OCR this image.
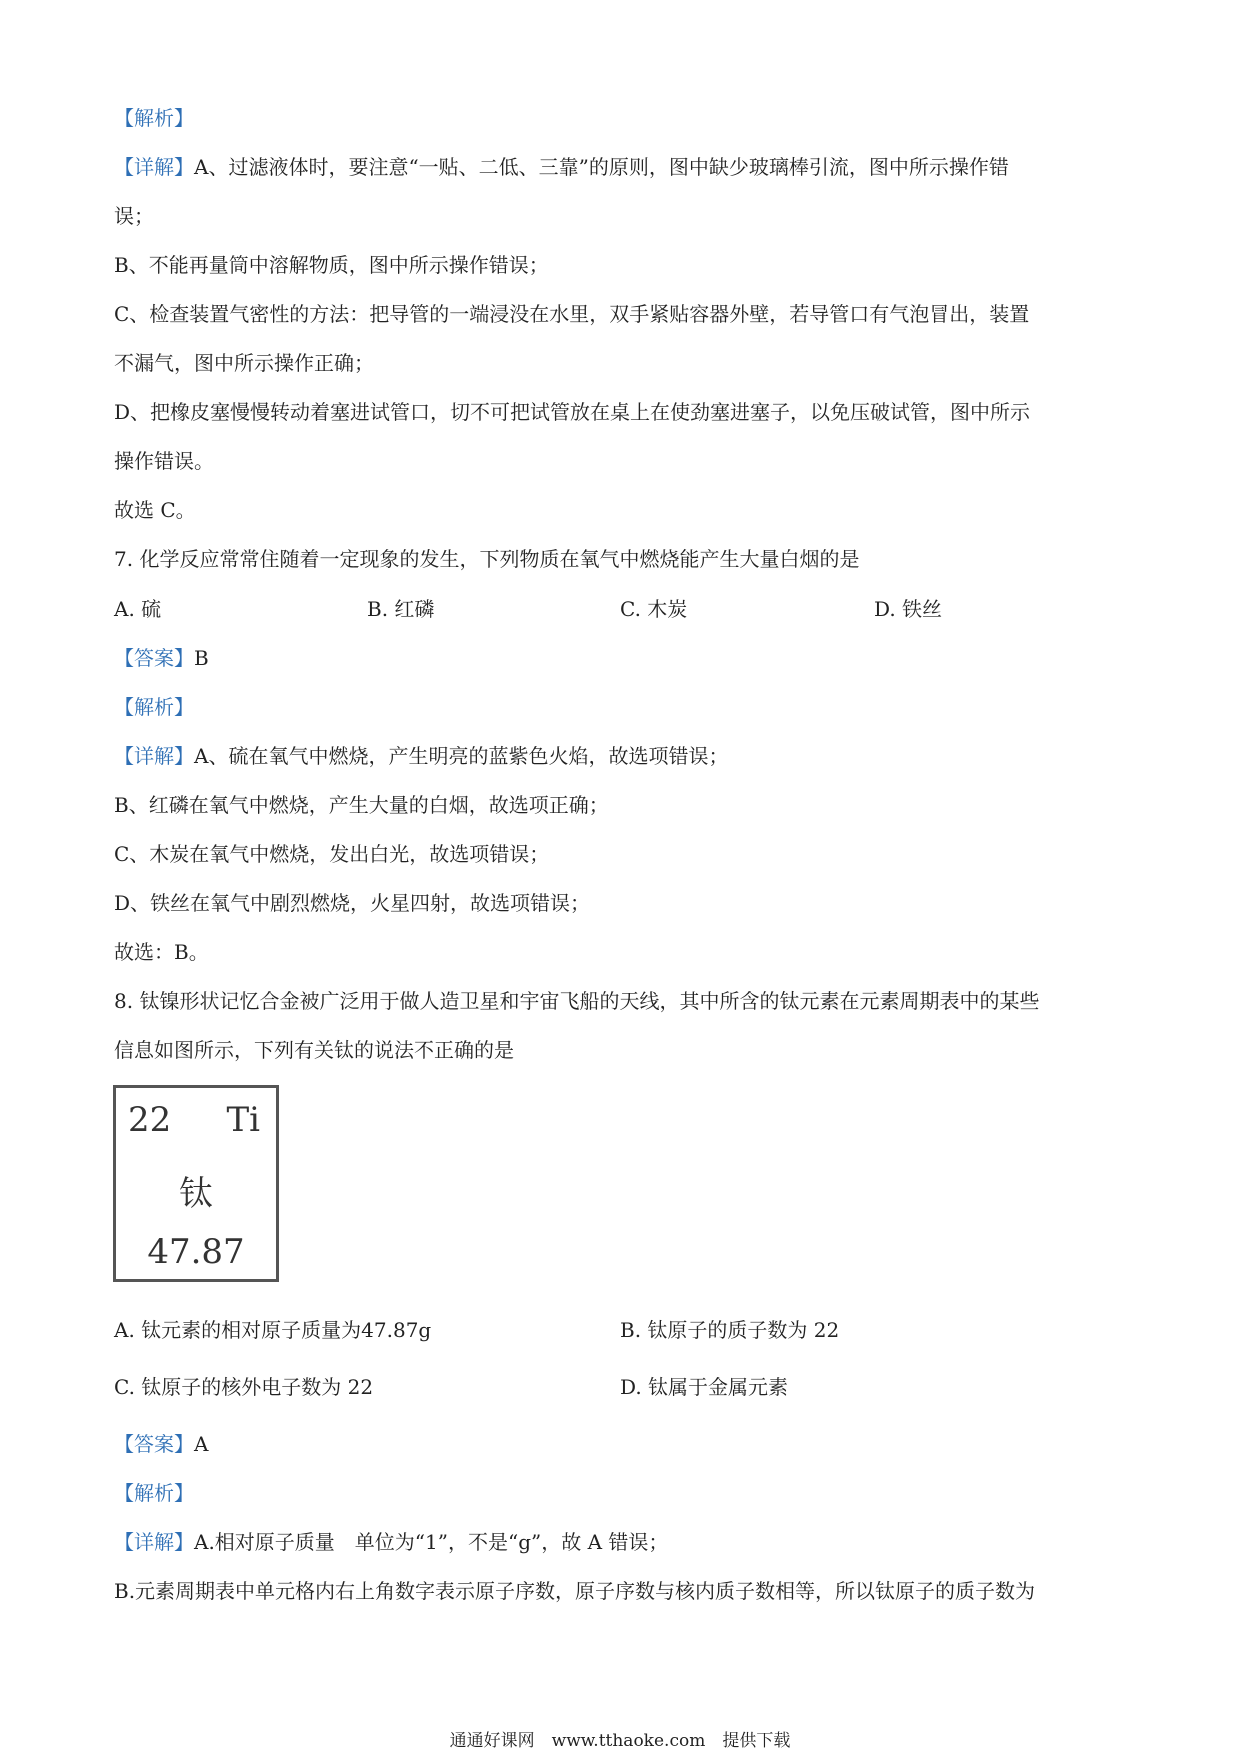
【解析】
【详解】A、过滤液体时，要注意“一贴、二低、三靠”的原则，图中缺少玻璃棒引流，图中所示操作错
误；
B、不能再量筒中溶解物质，图中所示操作错误；
C、检查装置气密性的方法：把导管的一端浸没在水里，双手紧贴容器外壁，若导管口有气泡冒出，装置
不漏气，图中所示操作正确；
D、把橡皮塞慢慢转动着塞进试管口，切不可把试管放在桌上在使劲塞进塞子，以免压破试管，图中所示
操作错误。
故选 C。
7. 化学反应常常住随着一定现象的发生，下列物质在氧气中燃烧能产生大量白烟的是
【答案】B
【解析】
【详解】A、硫在氧气中燃烧，产生明亮的蓝紫色火焰，故选项错误；
B、红磷在氧气中燃烧，产生大量的白烟，故选项正确；
C、木炭在氧气中燃烧，发出白光，故选项错误；
D、铁丝在氧气中剧烈燃烧，火星四射，故选项错误；
故选：B。
8. 钛镍形状记忆合金被广泛用于做人造卫星和宇宙飞船的天线，其中所含的钛元素在元素周期表中的某些
信息如图所示，下列有关钛的说法不正确的是
【答案】A
【解析】
【详解】A.相对原子质量　单位为“1”，不是“g”，故 A 错误；
B.元素周期表中单元格内右上角数字表示原子序数，原子序数与核内质子数相等，所以钛原子的质子数为
A. 硫	B. 红磷	C. 木炭	D. 铁丝
22 Ti
钛
47.87
A. 钛元素的相对原子质量为47.87g	B. 钛原子的质子数为 22
C. 钛原子的核外电子数为 22	D. 钛属于金属元素
通通好课网　www.tthaoke.com　提供下载
